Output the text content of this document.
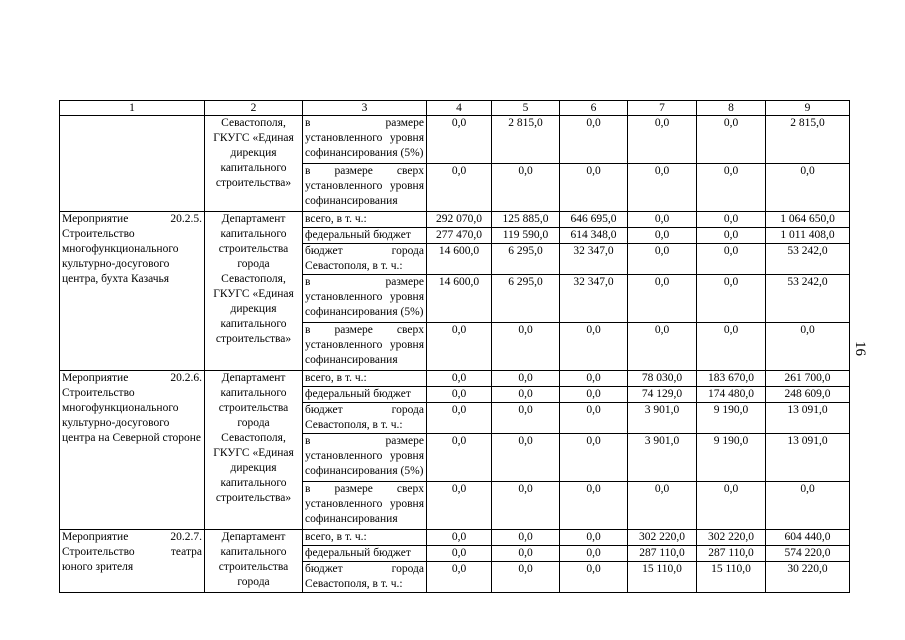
1	2	3	4	5	6	7	8	9
	Севастополя, ГКУГС «Единая дирекция капитального строительства»	в размере установленного уровня софинансирования (5%)	0,0	2 815,0	0,0	0,0	0,0	2 815,0
		в размере сверх установленного уровня софинансирования	0,0	0,0	0,0	0,0	0,0	0,0
Мероприятие 20.2.5. Строительство многофункционального культурно-досугового центра, бухта Казачья	Департамент капитального строительства города Севастополя, ГКУГС «Единая дирекция капитального строительства»	всего, в т. ч.:	292 070,0	125 885,0	646 695,0	0,0	0,0	1 064 650,0
		федеральный бюджет	277 470,0	119 590,0	614 348,0	0,0	0,0	1 011 408,0
		бюджет города Севастополя, в т. ч.:	14 600,0	6 295,0	32 347,0	0,0	0,0	53 242,0
		в размере установленного уровня софинансирования (5%)	14 600,0	6 295,0	32 347,0	0,0	0,0	53 242,0
		в размере сверх установленного уровня софинансирования	0,0	0,0	0,0	0,0	0,0	0,0
Мероприятие 20.2.6. Строительство многофункционального культурно-досугового центра на Северной стороне	Департамент капитального строительства города Севастополя, ГКУГС «Единая дирекция капитального строительства»	всего, в т. ч.:	0,0	0,0	0,0	78 030,0	183 670,0	261 700,0
		федеральный бюджет	0,0	0,0	0,0	74 129,0	174 480,0	248 609,0
		бюджет города Севастополя, в т. ч.:	0,0	0,0	0,0	3 901,0	9 190,0	13 091,0
		в размере установленного уровня софинансирования (5%)	0,0	0,0	0,0	3 901,0	9 190,0	13 091,0
		в размере сверх установленного уровня софинансирования	0,0	0,0	0,0	0,0	0,0	0,0
Мероприятие 20.2.7. Строительство театра юного зрителя	Департамент капитального строительства города	всего, в т. ч.:	0,0	0,0	0,0	302 220,0	302 220,0	604 440,0
		федеральный бюджет	0,0	0,0	0,0	287 110,0	287 110,0	574 220,0
		бюджет города Севастополя, в т. ч.:	0,0	0,0	0,0	15 110,0	15 110,0	30 220,0
16
